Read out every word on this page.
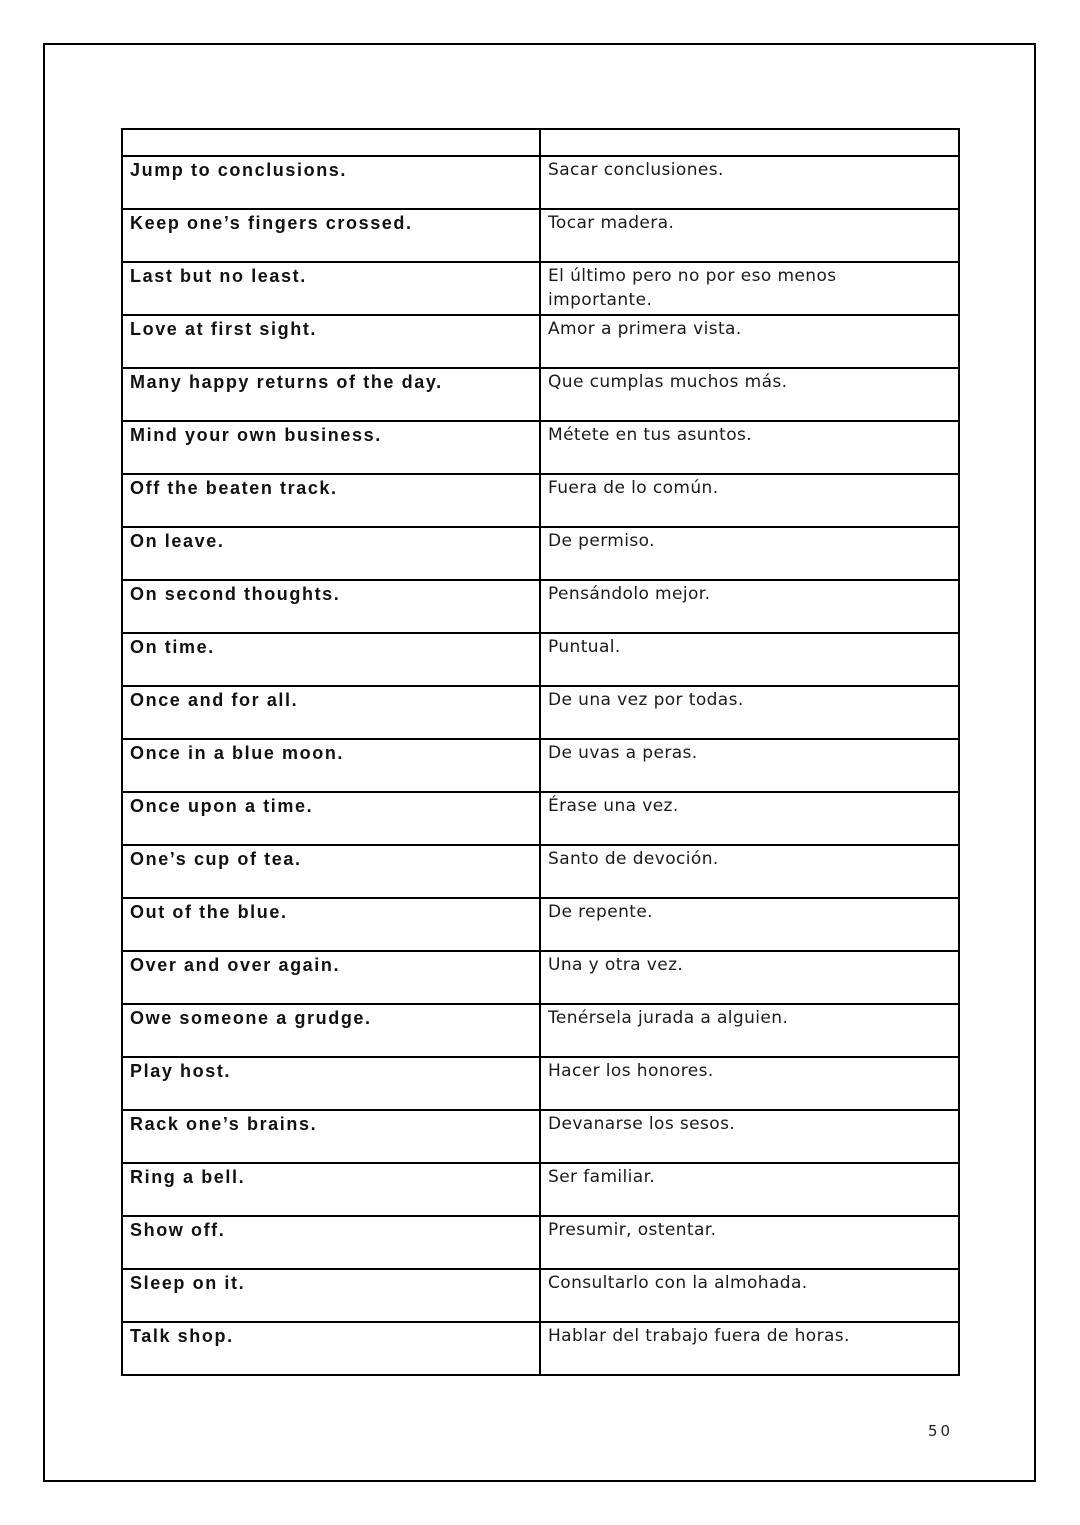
Jump to conclusions.	Sacar conclusiones.

Keep one’s fingers crossed.	Tocar madera.

Last but no least.	El último pero no por eso menos importante.

Love at first sight.	Amor a primera vista.

Many happy returns of the day.	Que cumplas muchos más.

Mind your own business.	Métete en tus asuntos.

Off the beaten track.	Fuera de lo común.

On leave.	De permiso.

On second thoughts.	Pensándolo mejor.

On time.	Puntual.

Once and for all.	De una vez por todas.

Once in a blue moon.	De uvas a peras.

Once upon a time.	Érase una vez.

One’s cup of tea.	Santo de devoción.

Out of the blue.	De repente.

Over and over again.	Una y otra vez.

Owe someone a grudge.	Tenérsela jurada a alguien.

Play host.	Hacer los honores.

Rack one’s brains.	Devanarse los sesos.

Ring a bell.	Ser familiar.

Show off.	Presumir, ostentar.

Sleep on it.	Consultarlo con la almohada.

Talk shop.	Hablar del trabajo fuera de horas.
50
